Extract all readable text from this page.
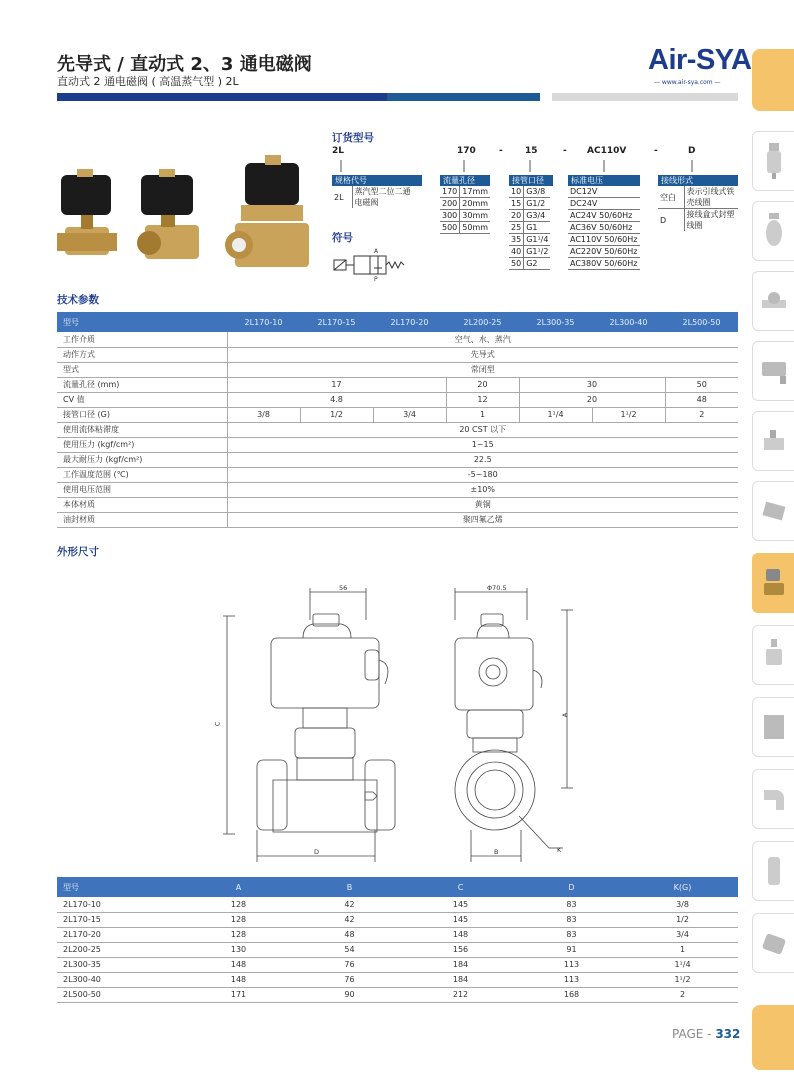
先导式 / 直动式 2、3 通电磁阀
直动式 2 通电磁阀 ( 高温蒸气型 ) 2L
Air-SYA
— www.air-sya.com —
订货型号
2L	170	- 15	- AC110V	-	D
规格代号
2L	蒸汽型二位二通电磁阀
流量孔径
170	17mm
200	20mm
300	30mm
500	50mm
接管口径
10	G3/8
15	G1/2
20	G3/4
25	G1
35	G1¹/4
40	G1¹/2
50	G2
标准电压
DC12V
DC24V
AC24V 50/60Hz
AC36V 50/60Hz
AC110V 50/60Hz
AC220V 50/60Hz
AC380V 50/60Hz
接线形式
空白	表示引线式铁壳线圈
D	接线盒式封塑线圈
符号
A
P
技术参数
型号	2L170-10	2L170-15	2L170-20	2L200-25	2L300-35	2L300-40	2L500-50
工作介质	空气、水、蒸汽						
动作方式	先导式						
型式	常闭型						
流量孔径 (mm)	17			20	30		50
CV 值	4.8			12	20		48
接管口径 (G)	3/8	1/2	3/4	1	1¹/4	1¹/2	2
使用流体粘滞度	20 CST 以下						
使用压力 (kgf/cm²)	1~15						
最大耐压力 (kgf/cm²)	22.5						
工作温度范围 (℃)	-5~180						
使用电压范围	±10%						
本体材质	黄铜						
油封材质	聚四氟乙烯						
外形尺寸
56	Φ70.5
C
D
A
B	K
型号	A	B	C	D	K(G)
2L170-10	128	42	145	83	3/8
2L170-15	128	42	145	83	1/2
2L170-20	128	48	148	83	3/4
2L200-25	130	54	156	91	1
2L300-35	148	76	184	113	1¹/4
2L300-40	148	76	184	113	1¹/2
2L500-50	171	90	212	168	2
PAGE - 332
